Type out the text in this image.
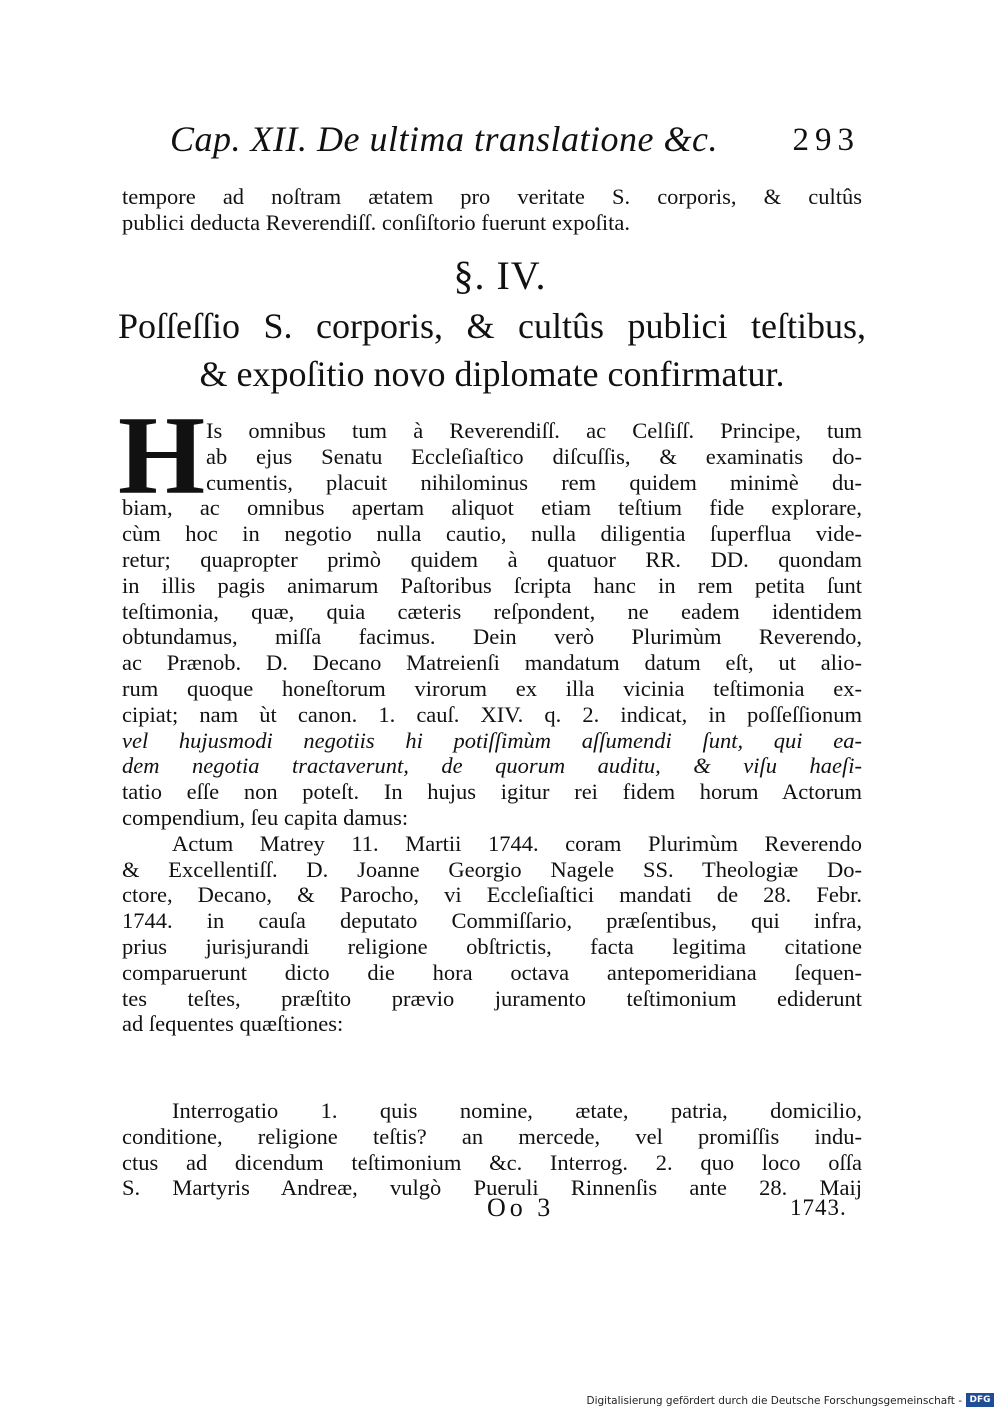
Cap. XII. De ultima translatione &c. 293
tempore ad noſtram ætatem pro veritate S. corporis, & cultûs
publici deducta Reverendiſſ. conſiſtorio fuerunt expoſita.
§. IV.
Poſſeſſio S. corporis, & cultûs publici teſtibus,
& expoſitio novo diplomate confirmatur.
H Is omnibus tum à Reverendiſſ. ac Celſiſſ. Principe, tum
ab ejus Senatu Eccleſiaſtico diſcuſſis, & examinatis do-
cumentis, placuit nihilominus rem quidem minimè du-
biam, ac omnibus apertam aliquot etiam teſtium fide explorare,
cùm hoc in negotio nulla cautio, nulla diligentia ſuperflua vide-
retur; quapropter primò quidem à quatuor RR. DD. quondam
in illis pagis animarum Paſtoribus ſcripta hanc in rem petita ſunt
teſtimonia, quæ, quia cæteris reſpondent, ne eadem identidem
obtundamus, miſſa facimus. Dein verò Plurimùm Reverendo,
ac Prænob. D. Decano Matreienſi mandatum datum eſt, ut alio-
rum quoque honeſtorum virorum ex illa vicinia teſtimonia ex-
cipiat; nam ùt canon. 1. cauſ. XIV. q. 2. indicat, in poſſeſſionum
vel hujusmodi negotiis hi potiſſimùm aſſumendi ſunt, qui ea-
dem negotia tractaverunt, de quorum auditu, & viſu haeſi-
tatio eſſe non poteſt. In hujus igitur rei fidem horum Actorum
compendium, ſeu capita damus:
Actum Matrey 11. Martii 1744. coram Plurimùm Reverendo
& Excellentiſſ. D. Joanne Georgio Nagele SS. Theologiæ Do-
ctore, Decano, & Parocho, vi Eccleſiaſtici mandati de 28. Febr.
1744. in cauſa deputato Commiſſario, præſentibus, qui infra,
prius jurisjurandi religione obſtrictis, facta legitima citatione
comparuerunt dicto die hora octava antepomeridiana ſequen-
tes teſtes, præſtito prævio juramento teſtimonium ediderunt
ad ſequentes quæſtiones:
Interrogatio 1. quis nomine, ætate, patria, domicilio,
conditione, religione teſtis? an mercede, vel promiſſis indu-
ctus ad dicendum teſtimonium &c. Interrog. 2. quo loco oſſa
S. Martyris Andreæ, vulgò Pueruli Rinnenſis ante 28. Maij
Oo 3	1743.
Digitalisierung gefördert durch die Deutsche Forschungsgemeinschaft - DFG
